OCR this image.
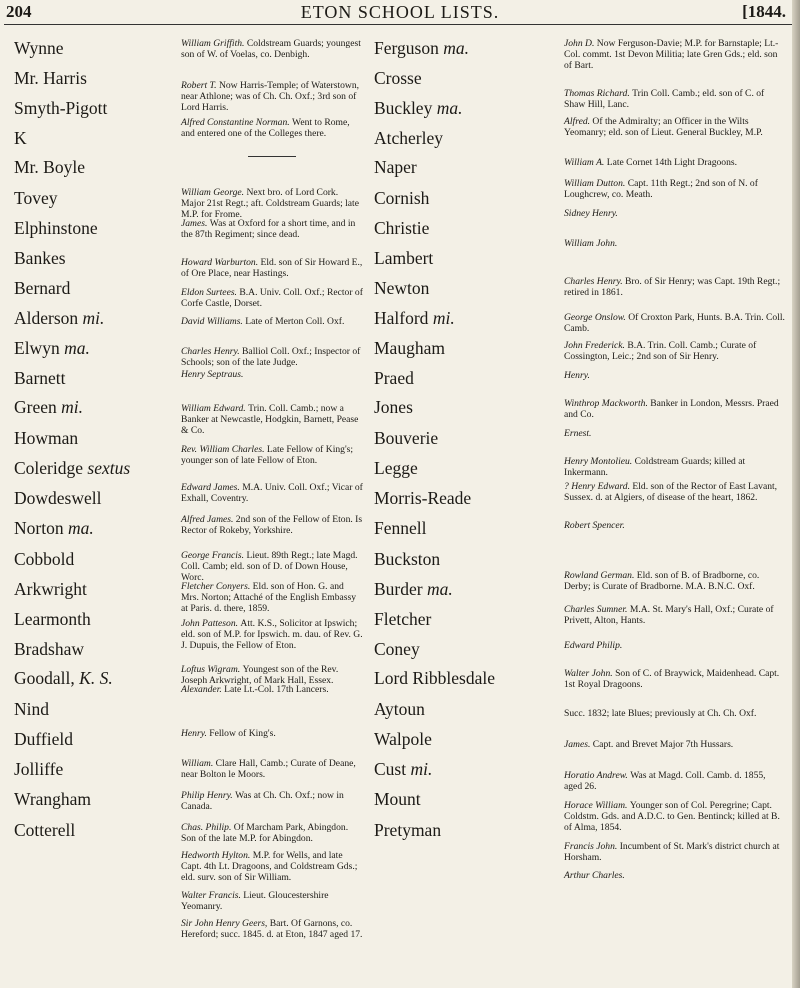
204	ETON SCHOOL LISTS.	[1844.
Wynne
Mr. Harris
Smyth-Pigott
K
Mr. Boyle
Tovey
Elphinstone
Bankes
Bernard
Alderson mi.
Elwyn ma.
Barnett
Green mi.
Howman
Coleridge sextus
Dowdeswell
Norton ma.
Cobbold
Arkwright
Learmonth
Bradshaw
Goodall, K. S.
Nind
Duffield
Jolliffe
Wrangham
Cotterell
William Griffith. Coldstream Guards; youngest son of W. of Voelas, co. Denbigh.
Robert T. Now Harris-Temple; of Waterstown, near Athlone; was of Ch. Ch. Oxf.; 3rd son of Lord Harris.
Alfred Constantine Norman. Went to Rome, and entered one of the Colleges there.
William George. Next bro. of Lord Cork. Major 21st Regt.; aft. Coldstream Guards; late M.P. for Frome.
James. Was at Oxford for a short time, and in the 87th Regiment; since dead.
Howard Warburton. Eld. son of Sir Howard E., of Ore Place, near Hastings.
Eldon Surtees. B.A. Univ. Coll. Oxf.; Rector of Corfe Castle, Dorset.
David Williams. Late of Merton Coll. Oxf.
Charles Henry. Balliol Coll. Oxf.; Inspector of Schools; son of the late Judge.
Henry Septraus.
William Edward. Trin. Coll. Camb.; now a Banker at Newcastle, Hodgkin, Barnett, Pease & Co.
Rev. William Charles. Late Fellow of King's; younger son of late Fellow of Eton.
Edward James. M.A. Univ. Coll. Oxf.; Vicar of Exhall, Coventry.
Alfred James. 2nd son of the Fellow of Eton. Is Rector of Rokeby, Yorkshire.
George Francis. Lieut. 89th Regt.; late Magd. Coll. Camb; eld. son of D. of Down House, Worc.
Fletcher Conyers. Eld. son of Hon. G. and Mrs. Norton; Attaché of the English Embassy at Paris. d. there, 1859.
John Patteson. Att. K.S., Solicitor at Ipswich; eld. son of M.P. for Ipswich. m. dau. of Rev. G. J. Dupuis, the Fellow of Eton.
Loftus Wigram. Youngest son of the Rev. Joseph Arkwright, of Mark Hall, Essex.
Alexander. Late Lt.-Col. 17th Lancers.
Henry. Fellow of King's.
William. Clare Hall, Camb.; Curate of Deane, near Bolton le Moors.
Philip Henry. Was at Ch. Ch. Oxf.; now in Canada.
Chas. Philip. Of Marcham Park, Abingdon. Son of the late M.P. for Abingdon.
Hedworth Hylton. M.P. for Wells, and late Capt. 4th Lt. Dragoons, and Coldstream Gds.; eld. surv. son of Sir William.
Walter Francis. Lieut. Gloucestershire Yeomanry.
Sir John Henry Geers, Bart. Of Garnons, co. Hereford; succ. 1845. d. at Eton, 1847 aged 17.
Ferguson ma.
Crosse
Buckley ma.
Atcherley
Naper
Cornish
Christie
Lambert
Newton
Halford mi.
Maugham
Praed
Jones
Bouverie
Legge
Morris-Reade
Fennell
Buckston
Burder ma.
Fletcher
Coney
Lord Ribblesdale
Aytoun
Walpole
Cust mi.
Mount
Pretyman
John D. Now Ferguson-Davie; M.P. for Barnstaple; Lt.-Col. commt. 1st Devon Militia; late Gren Gds.; eld. son of Bart.
Thomas Richard. Trin Coll. Camb.; eld. son of C. of Shaw Hill, Lanc.
Alfred. Of the Admiralty; an Officer in the Wilts Yeomanry; eld. son of Lieut. General Buckley, M.P.
William A. Late Cornet 14th Light Dragoons.
William Dutton. Capt. 11th Regt.; 2nd son of N. of Loughcrew, co. Meath.
Sidney Henry.
William John.
Charles Henry. Bro. of Sir Henry; was Capt. 19th Regt.; retired in 1861.
George Onslow. Of Croxton Park, Hunts. B.A. Trin. Coll. Camb.
John Frederick. B.A. Trin. Coll. Camb.; Curate of Cossington, Leic.; 2nd son of Sir Henry.
Henry.
Winthrop Mackworth. Banker in London, Messrs. Praed and Co.
Ernest.
Henry Montolieu. Coldstream Guards; killed at Inkermann.
? Henry Edward. Eld. son of the Rector of East Lavant, Sussex. d. at Algiers, of disease of the heart, 1862.
Robert Spencer.
Rowland German. Eld. son of B. of Bradborne, co. Derby; is Curate of Bradborne. M.A. B.N.C. Oxf.
Charles Sumner. M.A. St. Mary's Hall, Oxf.; Curate of Privett, Alton, Hants.
Edward Philip.
Walter John. Son of C. of Braywick, Maidenhead. Capt. 1st Royal Dragoons.
Succ. 1832; late Blues; previously at Ch. Ch. Oxf.
James. Capt. and Brevet Major 7th Hussars.
Horatio Andrew. Was at Magd. Coll. Camb. d. 1855, aged 26.
Horace William. Younger son of Col. Peregrine; Capt. Coldstm. Gds. and A.D.C. to Gen. Bentinck; killed at B. of Alma, 1854.
Francis John. Incumbent of St. Mark's district church at Horsham.
Arthur Charles.
